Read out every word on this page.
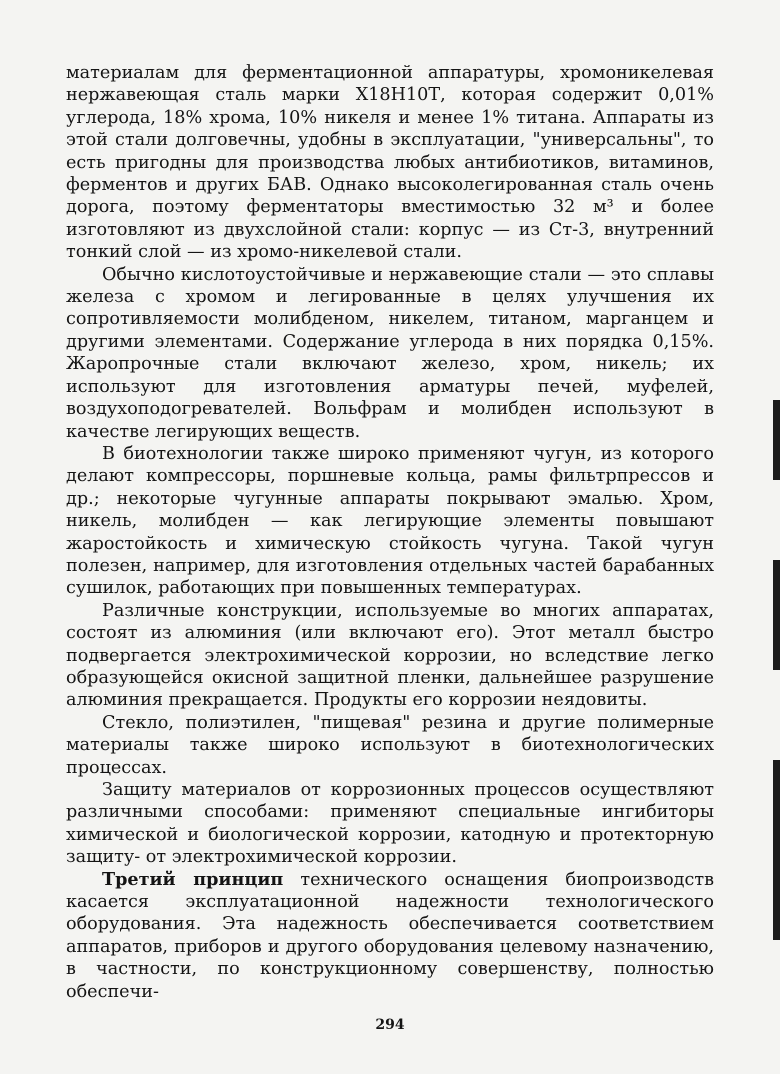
материалам для ферментационной аппаратуры, хромоникелевая нержавеющая сталь марки Х18Н10Т, которая содержит 0,01% углерода, 18% хрома, 10% никеля и менее 1% титана. Аппараты из этой стали долговечны, удобны в эксплуатации, "универсальны", то есть пригодны для производства любых антибиотиков, витаминов, ферментов и других БАВ. Однако высоколегированная сталь очень дорога, поэтому ферментаторы вместимостью 32 м³ и более изготовляют из двухслойной стали: корпус — из Ст-3, внутренний тонкий слой — из хромо-никелевой стали.

Обычно кислотоустойчивые и нержавеющие стали — это сплавы железа с хромом и легированные в целях улучшения их сопротивляемости молибденом, никелем, титаном, марганцем и другими элементами. Содержание углерода в них порядка 0,15%. Жаропрочные стали включают железо, хром, никель; их используют для изготовления арматуры печей, муфелей, воздухоподогревателей. Вольфрам и молибден используют в качестве легирующих веществ.

В биотехнологии также широко применяют чугун, из которого делают компрессоры, поршневые кольца, рамы фильтрпрессов и др.; некоторые чугунные аппараты покрывают эмалью. Хром, никель, молибден — как легирующие элементы повышают жаростойкость и химическую стойкость чугуна. Такой чугун полезен, например, для изготовления отдельных частей барабанных сушилок, работающих при повышенных температурах.

Различные конструкции, используемые во многих аппаратах, состоят из алюминия (или включают его). Этот металл быстро подвергается электрохимической коррозии, но вследствие легко образующейся окисной защитной пленки, дальнейшее разрушение алюминия прекращается. Продукты его коррозии неядовиты.

Стекло, полиэтилен, "пищевая" резина и другие полимерные материалы также широко используют в биотехнологических процессах.

Защиту материалов от коррозионных процессов осуществляют различными способами: применяют специальные ингибиторы химической и биологической коррозии, катодную и протекторную защиту- от электрохимической коррозии.

Третий принцип технического оснащения биопроизводств касается эксплуатационной надежности технологического оборудования. Эта надежность обеспечивается соответствием аппаратов, приборов и другого оборудования целевому назначению, в частности, по конструкционному совершенству, полностью обеспечи-

294
